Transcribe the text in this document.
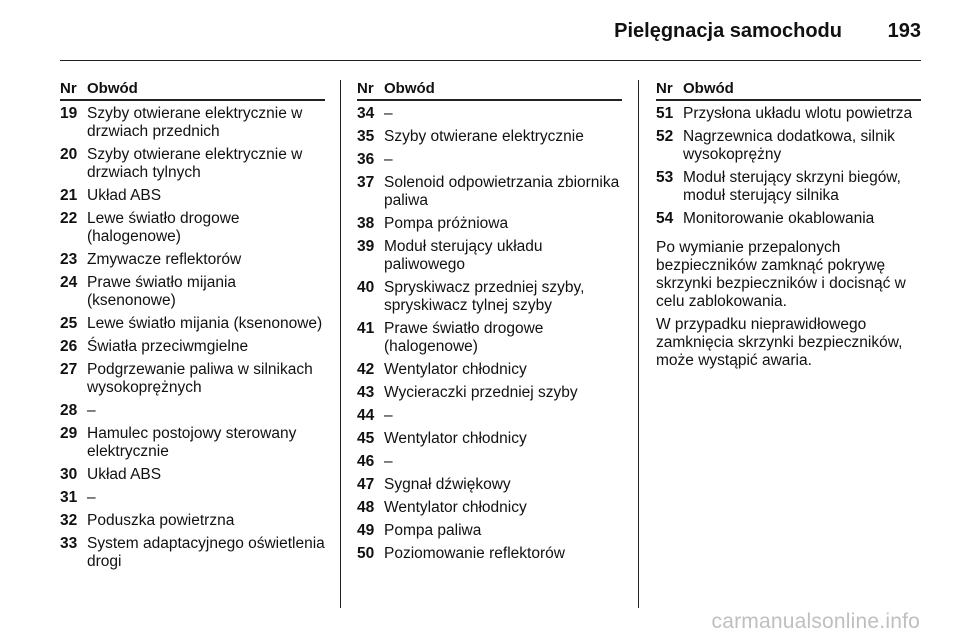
Pielęgnacja samochodu 193
Nr Obwód
19 Szyby otwierane elektrycznie w drzwiach przednich
20 Szyby otwierane elektrycznie w drzwiach tylnych
21 Układ ABS
22 Lewe światło drogowe (halogenowe)
23 Zmywacze reflektorów
24 Prawe światło mijania (ksenonowe)
25 Lewe światło mijania (ksenonowe)
26 Światła przeciwmgielne
27 Podgrzewanie paliwa w silnikach wysokoprężnych
28 –
29 Hamulec postojowy sterowany elektrycznie
30 Układ ABS
31 –
32 Poduszka powietrzna
33 System adaptacyjnego oświetlenia drogi
Nr Obwód
34 –
35 Szyby otwierane elektrycznie
36 –
37 Solenoid odpowietrzania zbiornika paliwa
38 Pompa próżniowa
39 Moduł sterujący układu paliwowego
40 Spryskiwacz przedniej szyby, spryskiwacz tylnej szyby
41 Prawe światło drogowe (halogenowe)
42 Wentylator chłodnicy
43 Wycieraczki przedniej szyby
44 –
45 Wentylator chłodnicy
46 –
47 Sygnał dźwiękowy
48 Wentylator chłodnicy
49 Pompa paliwa
50 Poziomowanie reflektorów
Nr Obwód
51 Przysłona układu wlotu powietrza
52 Nagrzewnica dodatkowa, silnik wysokoprężny
53 Moduł sterujący skrzyni biegów, moduł sterujący silnika
54 Monitorowanie okablowania
Po wymianie przepalonych bezpieczników zamknąć pokrywę skrzynki bezpieczników i docisnąć w celu zablokowania.
W przypadku nieprawidłowego zamknięcia skrzynki bezpieczników, może wystąpić awaria.
carmanualsonline.info
